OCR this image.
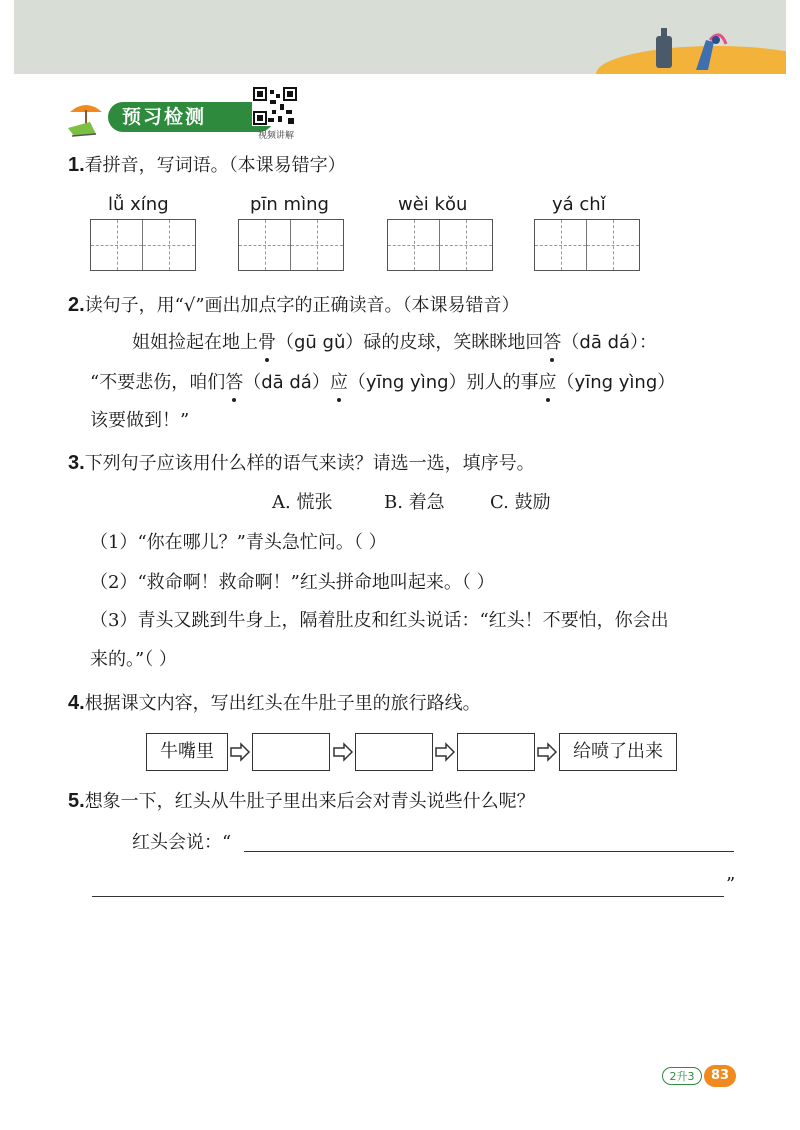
预习检测
视频讲解
1.看拼音，写词语。（本课易错字）
lǚ xíng	pīn mìng	wèi kǒu	yá chǐ
2.读句子，用“√”画出加点字的正确读音。（本课易错音）
姐姐捡起在地上骨（gū gǔ）碌的皮球，笑眯眯地回答（dā dá）：
“不要悲伤，咱们答（dā dá）应（yīng yìng）别人的事应（yīng yìng）
该要做到！”
3.下列句子应该用什么样的语气来读？请选一选，填序号。
A. 慌张	B. 着急	C. 鼓励
（1）“你在哪儿？”青头急忙问。（ ）
（2）“救命啊！救命啊！”红头拼命地叫起来。（ ）
（3）青头又跳到牛身上，隔着肚皮和红头说话：“红头！不要怕，你会出
来的。”（ ）
4.根据课文内容，写出红头在牛肚子里的旅行路线。
牛嘴里	给喷了出来
5.想象一下，红头从牛肚子里出来后会对青头说些什么呢？
红头会说：“
”
2升3	83
